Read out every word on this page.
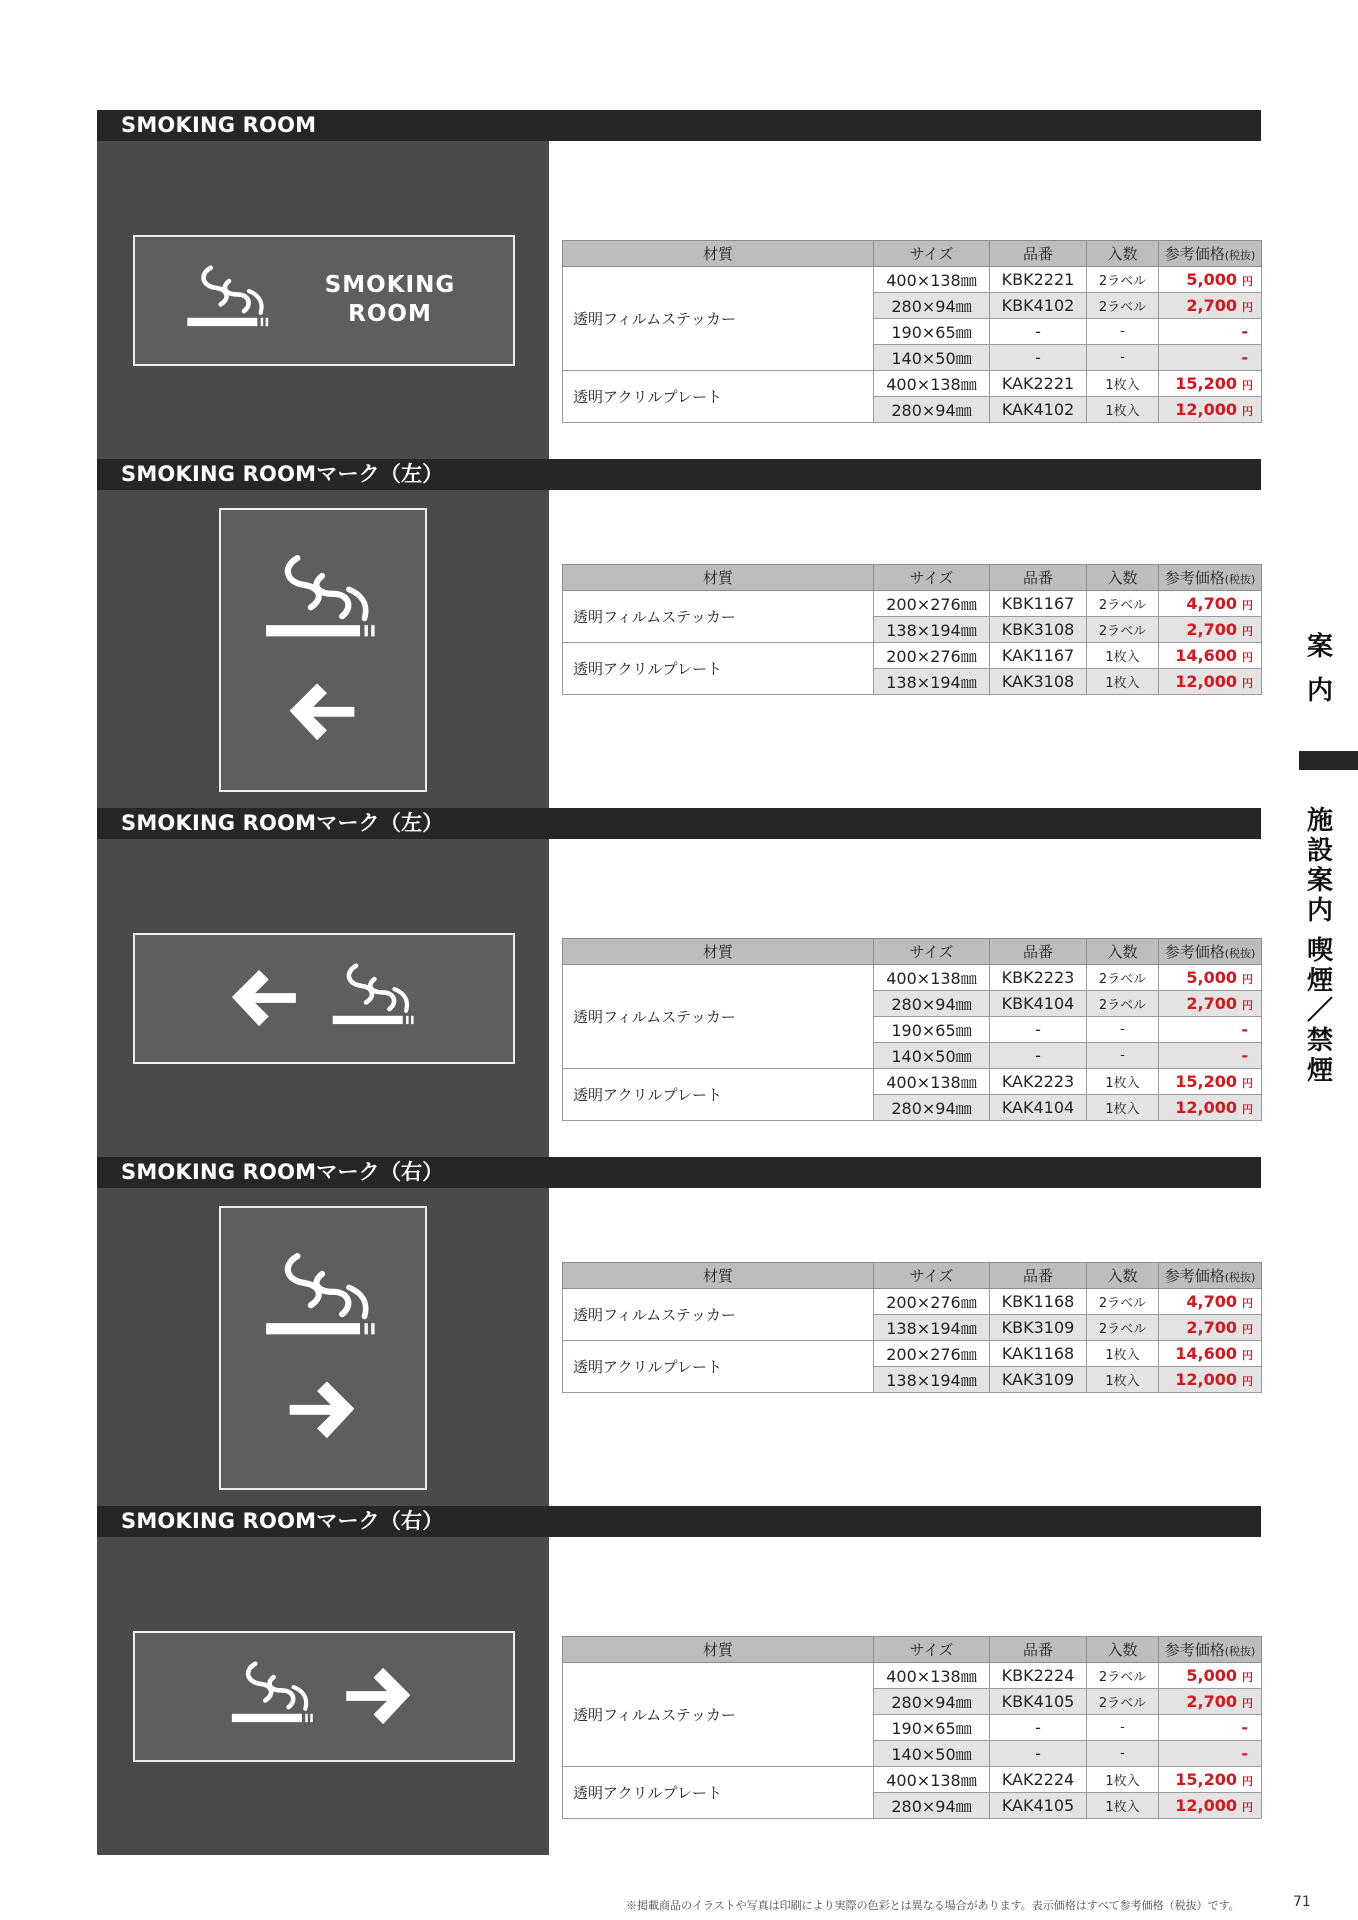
SMOKING ROOM
SMOKING
ROOM
材質	サイズ	品番	入数	参考価格(税抜)
透明フィルムステッカー	400×138㎜	KBK2221	2ラベル	5,000 円
	280×94㎜	KBK4102	2ラベル	2,700 円
	190×65㎜	-	-	-
	140×50㎜	-	-	-
透明アクリルプレート	400×138㎜	KAK2221	1枚入	15,200 円
	280×94㎜	KAK4102	1枚入	12,000 円
SMOKING ROOMマーク（左）
材質	サイズ	品番	入数	参考価格(税抜)
透明フィルムステッカー	200×276㎜	KBK1167	2ラベル	4,700 円
	138×194㎜	KBK3108	2ラベル	2,700 円
透明アクリルプレート	200×276㎜	KAK1167	1枚入	14,600 円
	138×194㎜	KAK3108	1枚入	12,000 円
SMOKING ROOMマーク（左）
材質	サイズ	品番	入数	参考価格(税抜)
透明フィルムステッカー	400×138㎜	KBK2223	2ラベル	5,000 円
	280×94㎜	KBK4104	2ラベル	2,700 円
	190×65㎜	-	-	-
	140×50㎜	-	-	-
透明アクリルプレート	400×138㎜	KAK2223	1枚入	15,200 円
	280×94㎜	KAK4104	1枚入	12,000 円
SMOKING ROOMマーク（右）
材質	サイズ	品番	入数	参考価格(税抜)
透明フィルムステッカー	200×276㎜	KBK1168	2ラベル	4,700 円
	138×194㎜	KBK3109	2ラベル	2,700 円
透明アクリルプレート	200×276㎜	KAK1168	1枚入	14,600 円
	138×194㎜	KAK3109	1枚入	12,000 円
SMOKING ROOMマーク（右）
材質	サイズ	品番	入数	参考価格(税抜)
透明フィルムステッカー	400×138㎜	KBK2224	2ラベル	5,000 円
	280×94㎜	KBK4105	2ラベル	2,700 円
	190×65㎜	-	-	-
	140×50㎜	-	-	-
透明アクリルプレート	400×138㎜	KAK2224	1枚入	15,200 円
	280×94㎜	KAK4105	1枚入	12,000 円
案
内
施
設
案
内
喫
煙
／
禁
煙
※掲載商品のイラストや写真は印刷により実際の色彩とは異なる場合があります。表示価格はすべて参考価格（税抜）です。	71
